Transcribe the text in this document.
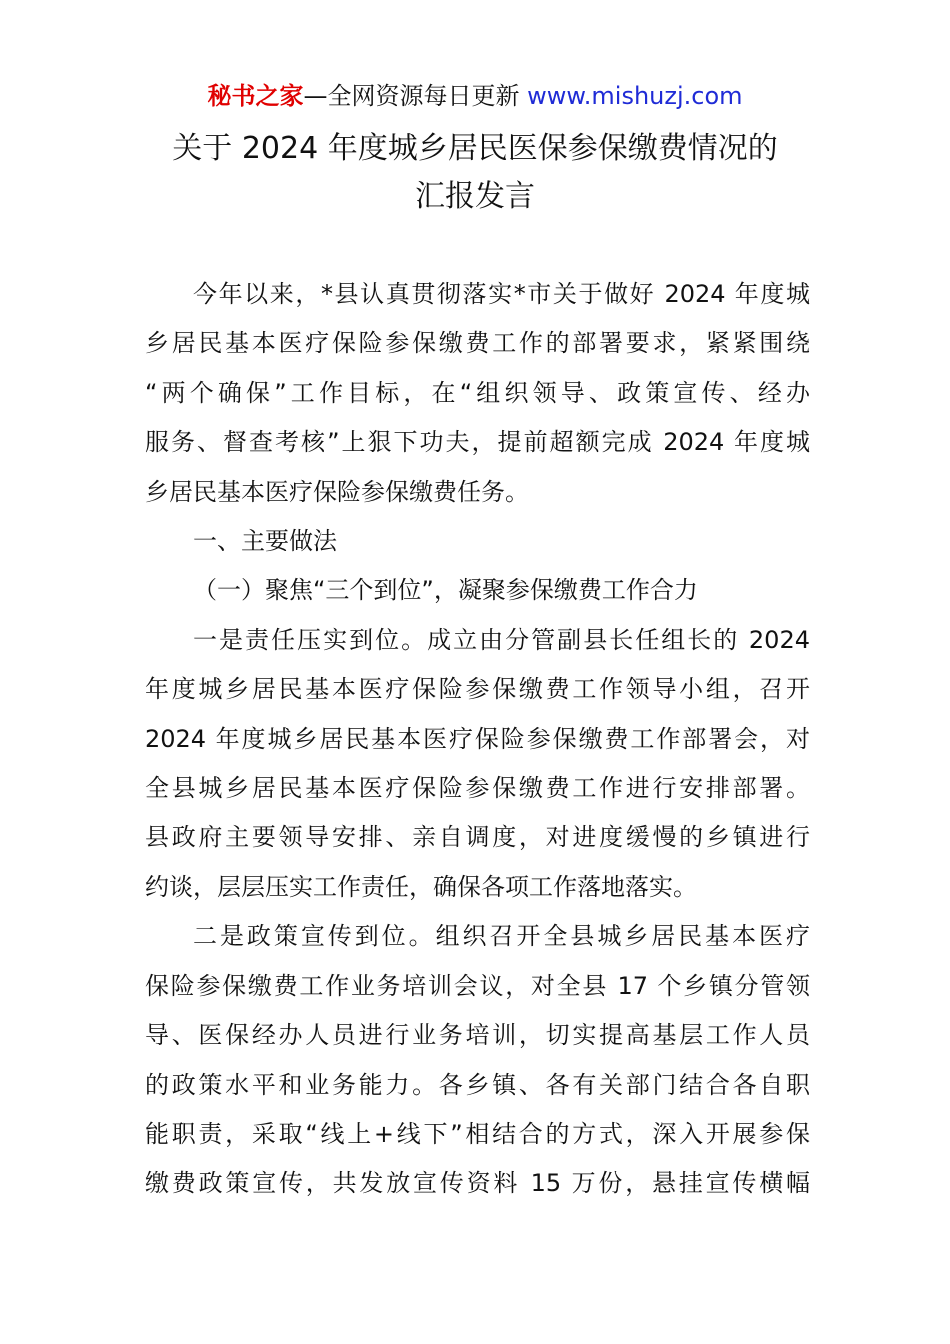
秘书之家—全网资源每日更新 www.mishuzj.com
关于 2024 年度城乡居民医保参保缴费情况的
汇报发言
今年以来，*县认真贯彻落实*市关于做好 2024 年度城
乡居民基本医疗保险参保缴费工作的部署要求，紧紧围绕
“两个确保”工作目标，在“组织领导、政策宣传、经办
服务、督查考核”上狠下功夫，提前超额完成 2024 年度城
乡居民基本医疗保险参保缴费任务。
一、主要做法
（一）聚焦“三个到位”，凝聚参保缴费工作合力
一是责任压实到位。成立由分管副县长任组长的 2024
年度城乡居民基本医疗保险参保缴费工作领导小组，召开
2024 年度城乡居民基本医疗保险参保缴费工作部署会，对
全县城乡居民基本医疗保险参保缴费工作进行安排部署。
县政府主要领导安排、亲自调度，对进度缓慢的乡镇进行
约谈，层层压实工作责任，确保各项工作落地落实。
二是政策宣传到位。组织召开全县城乡居民基本医疗
保险参保缴费工作业务培训会议，对全县 17 个乡镇分管领
导、医保经办人员进行业务培训，切实提高基层工作人员
的政策水平和业务能力。各乡镇、各有关部门结合各自职
能职责，采取“线上+线下”相结合的方式，深入开展参保
缴费政策宣传，共发放宣传资料 15 万份，悬挂宣传横幅
